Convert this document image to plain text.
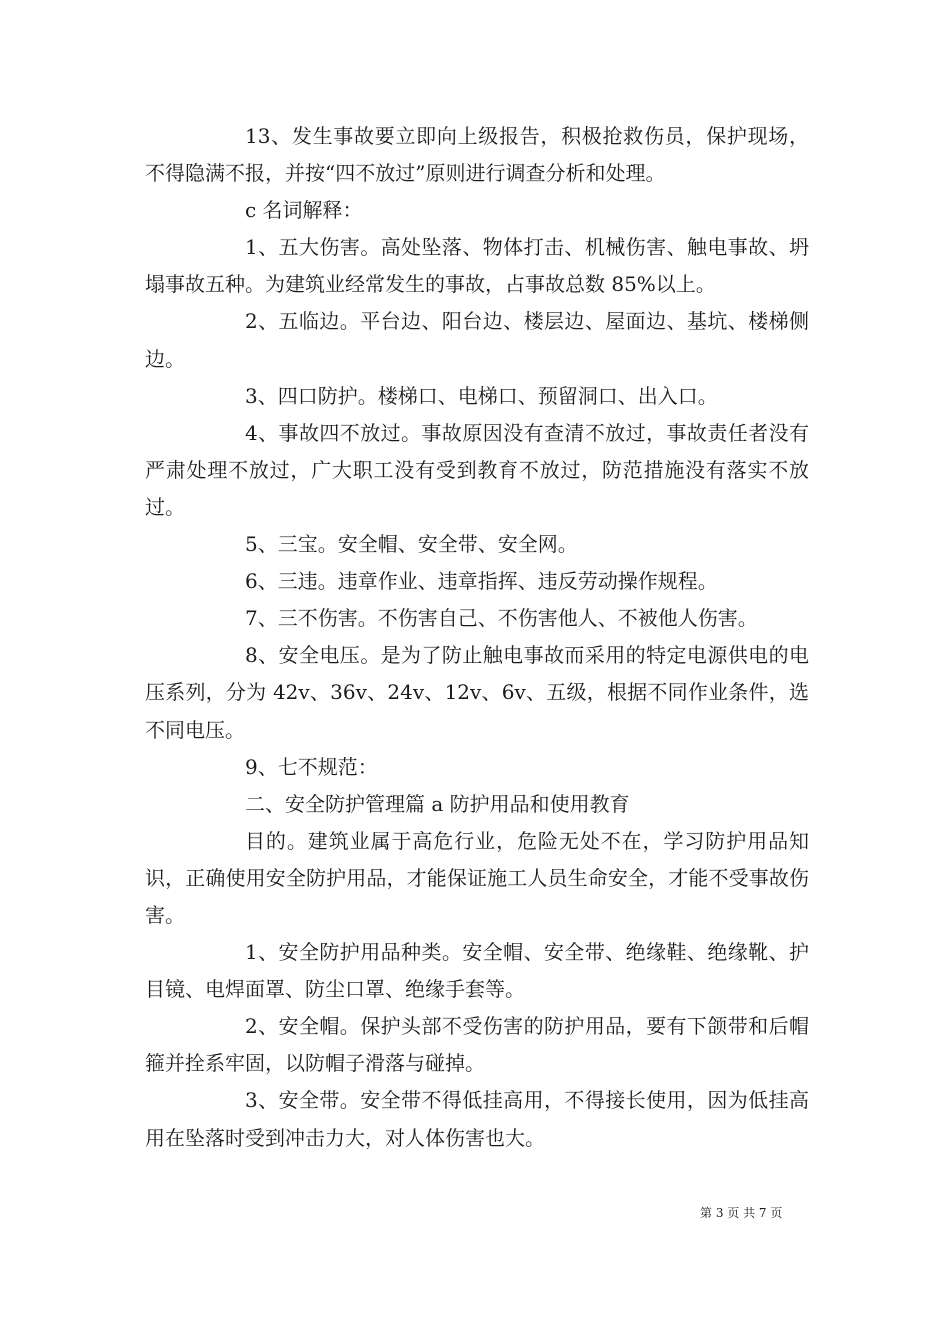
13、发生事故要立即向上级报告，积极抢救伤员，保护现场，不得隐满不报，并按“四不放过”原则进行调查分析和处理。

c 名词解释：

1、五大伤害。高处坠落、物体打击、机械伤害、触电事故、坍塌事故五种。为建筑业经常发生的事故，占事故总数 85%以上。

2、五临边。平台边、阳台边、楼层边、屋面边、基坑、楼梯侧边。

3、四口防护。楼梯口、电梯口、预留洞口、出入口。

4、事故四不放过。事故原因没有查清不放过，事故责任者没有严肃处理不放过，广大职工没有受到教育不放过，防范措施没有落实不放过。

5、三宝。安全帽、安全带、安全网。

6、三违。违章作业、违章指挥、违反劳动操作规程。

7、三不伤害。不伤害自己、不伤害他人、不被他人伤害。

8、安全电压。是为了防止触电事故而采用的特定电源供电的电压系列，分为 42v、36v、24v、12v、6v、五级，根据不同作业条件，选不同电压。

9、七不规范：

二、安全防护管理篇 a 防护用品和使用教育

目的。建筑业属于高危行业，危险无处不在，学习防护用品知识，正确使用安全防护用品，才能保证施工人员生命安全，才能不受事故伤害。

1、安全防护用品种类。安全帽、安全带、绝缘鞋、绝缘靴、护目镜、电焊面罩、防尘口罩、绝缘手套等。

2、安全帽。保护头部不受伤害的防护用品，要有下颌带和后帽箍并拴系牢固，以防帽子滑落与碰掉。

3、安全带。安全带不得低挂高用，不得接长使用，因为低挂高用在坠落时受到冲击力大，对人体伤害也大。

第 3 页 共 7 页
